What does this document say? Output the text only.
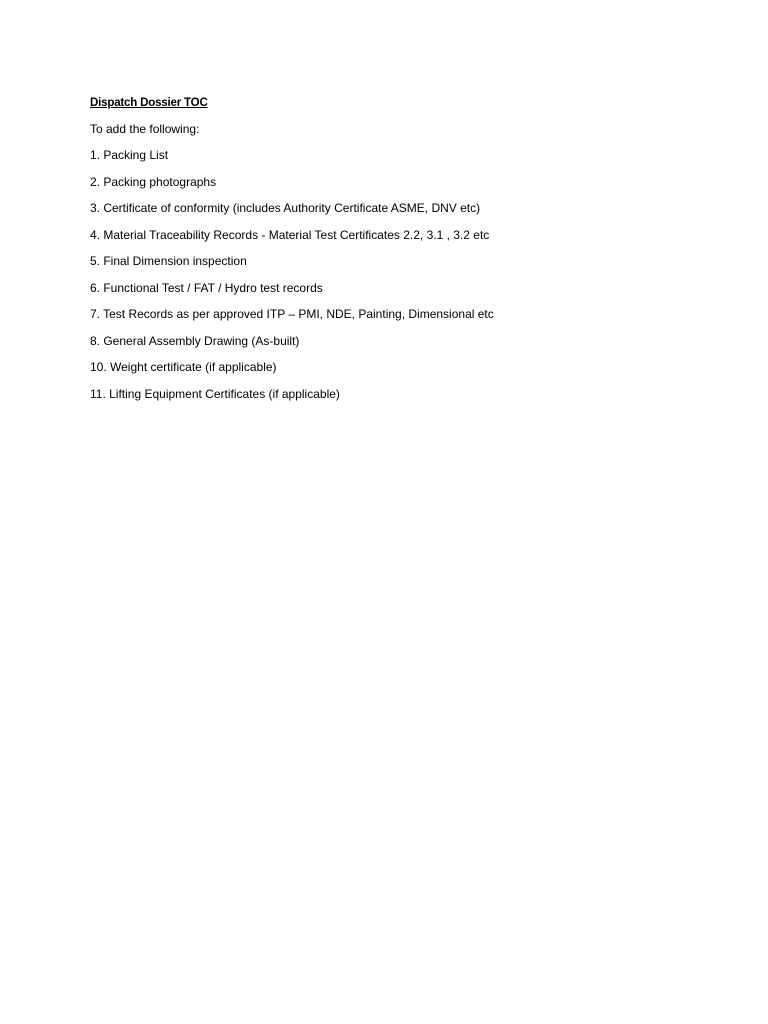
Dispatch Dossier TOC
To add the following:
1. Packing List
2. Packing photographs
3. Certificate of conformity (includes Authority Certificate ASME, DNV etc)
4. Material Traceability Records - Material Test Certificates 2.2, 3.1 , 3.2 etc
5. Final Dimension inspection
6. Functional Test / FAT / Hydro test records
7. Test Records as per approved ITP – PMI, NDE, Painting, Dimensional etc
8. General Assembly Drawing (As-built)
10. Weight certificate (if applicable)
11. Lifting Equipment Certificates (if applicable)
